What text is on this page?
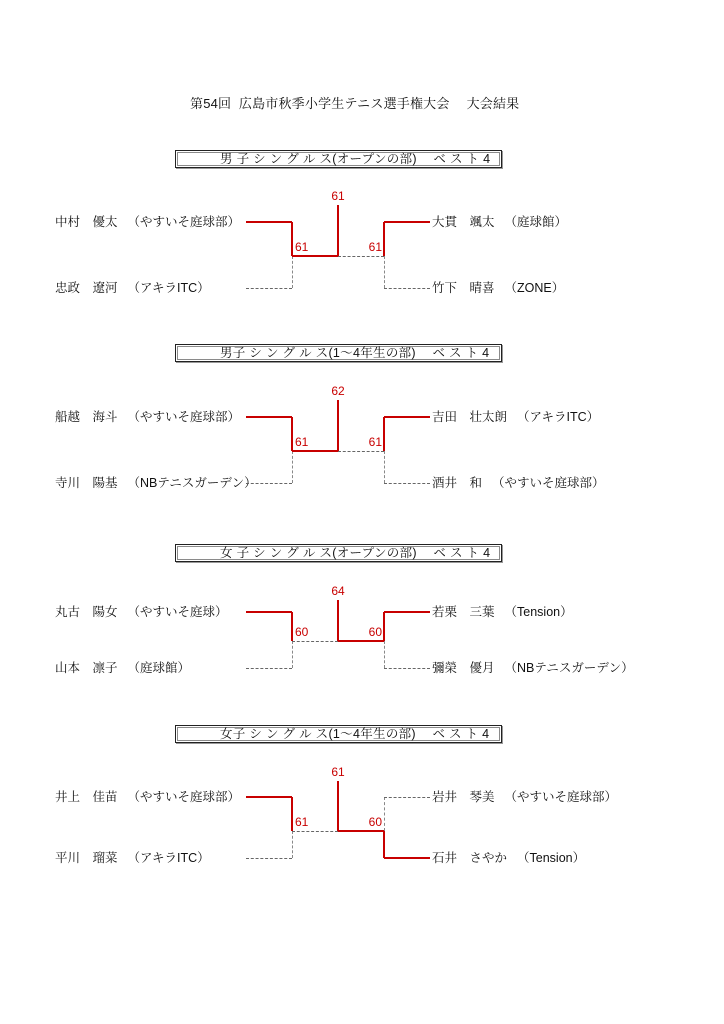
第54回  広島市秋季小学生テニス選手権大会　 大会結果
男 子 シ ン グ ル ス(オープンの部)　 ベ ス ト 4
61
61	61
中村　優太 （やすいそ庭球部）
忠政　遼河 （アキラITC）
大貫　颯太 （庭球館）
竹下　晴喜 （ZONE）
男子 シ ン グ ル ス(1～4年生の部)　 ベ ス ト 4
62
61	61
船越　海斗 （やすいそ庭球部）
寺川　陽基 （NBテニスガーデン）
吉田　壮太朗 （アキラITC）
酒井　和 （やすいそ庭球部）
女 子 シ ン グ ル ス(オープンの部)　 ベ ス ト 4
64
60	60
丸古　陽女 （やすいそ庭球）
山本　凛子 （庭球館）
若栗　三葉 （Tension）
彌榮　優月 （NBテニスガーデン）
女子 シ ン グ ル ス(1～4年生の部)　 ベ ス ト 4
61
61	60
井上　佳苗 （やすいそ庭球部）
平川　瑠菜 （アキラITC）
岩井　琴美 （やすいそ庭球部）
石井　さやか （Tension）
